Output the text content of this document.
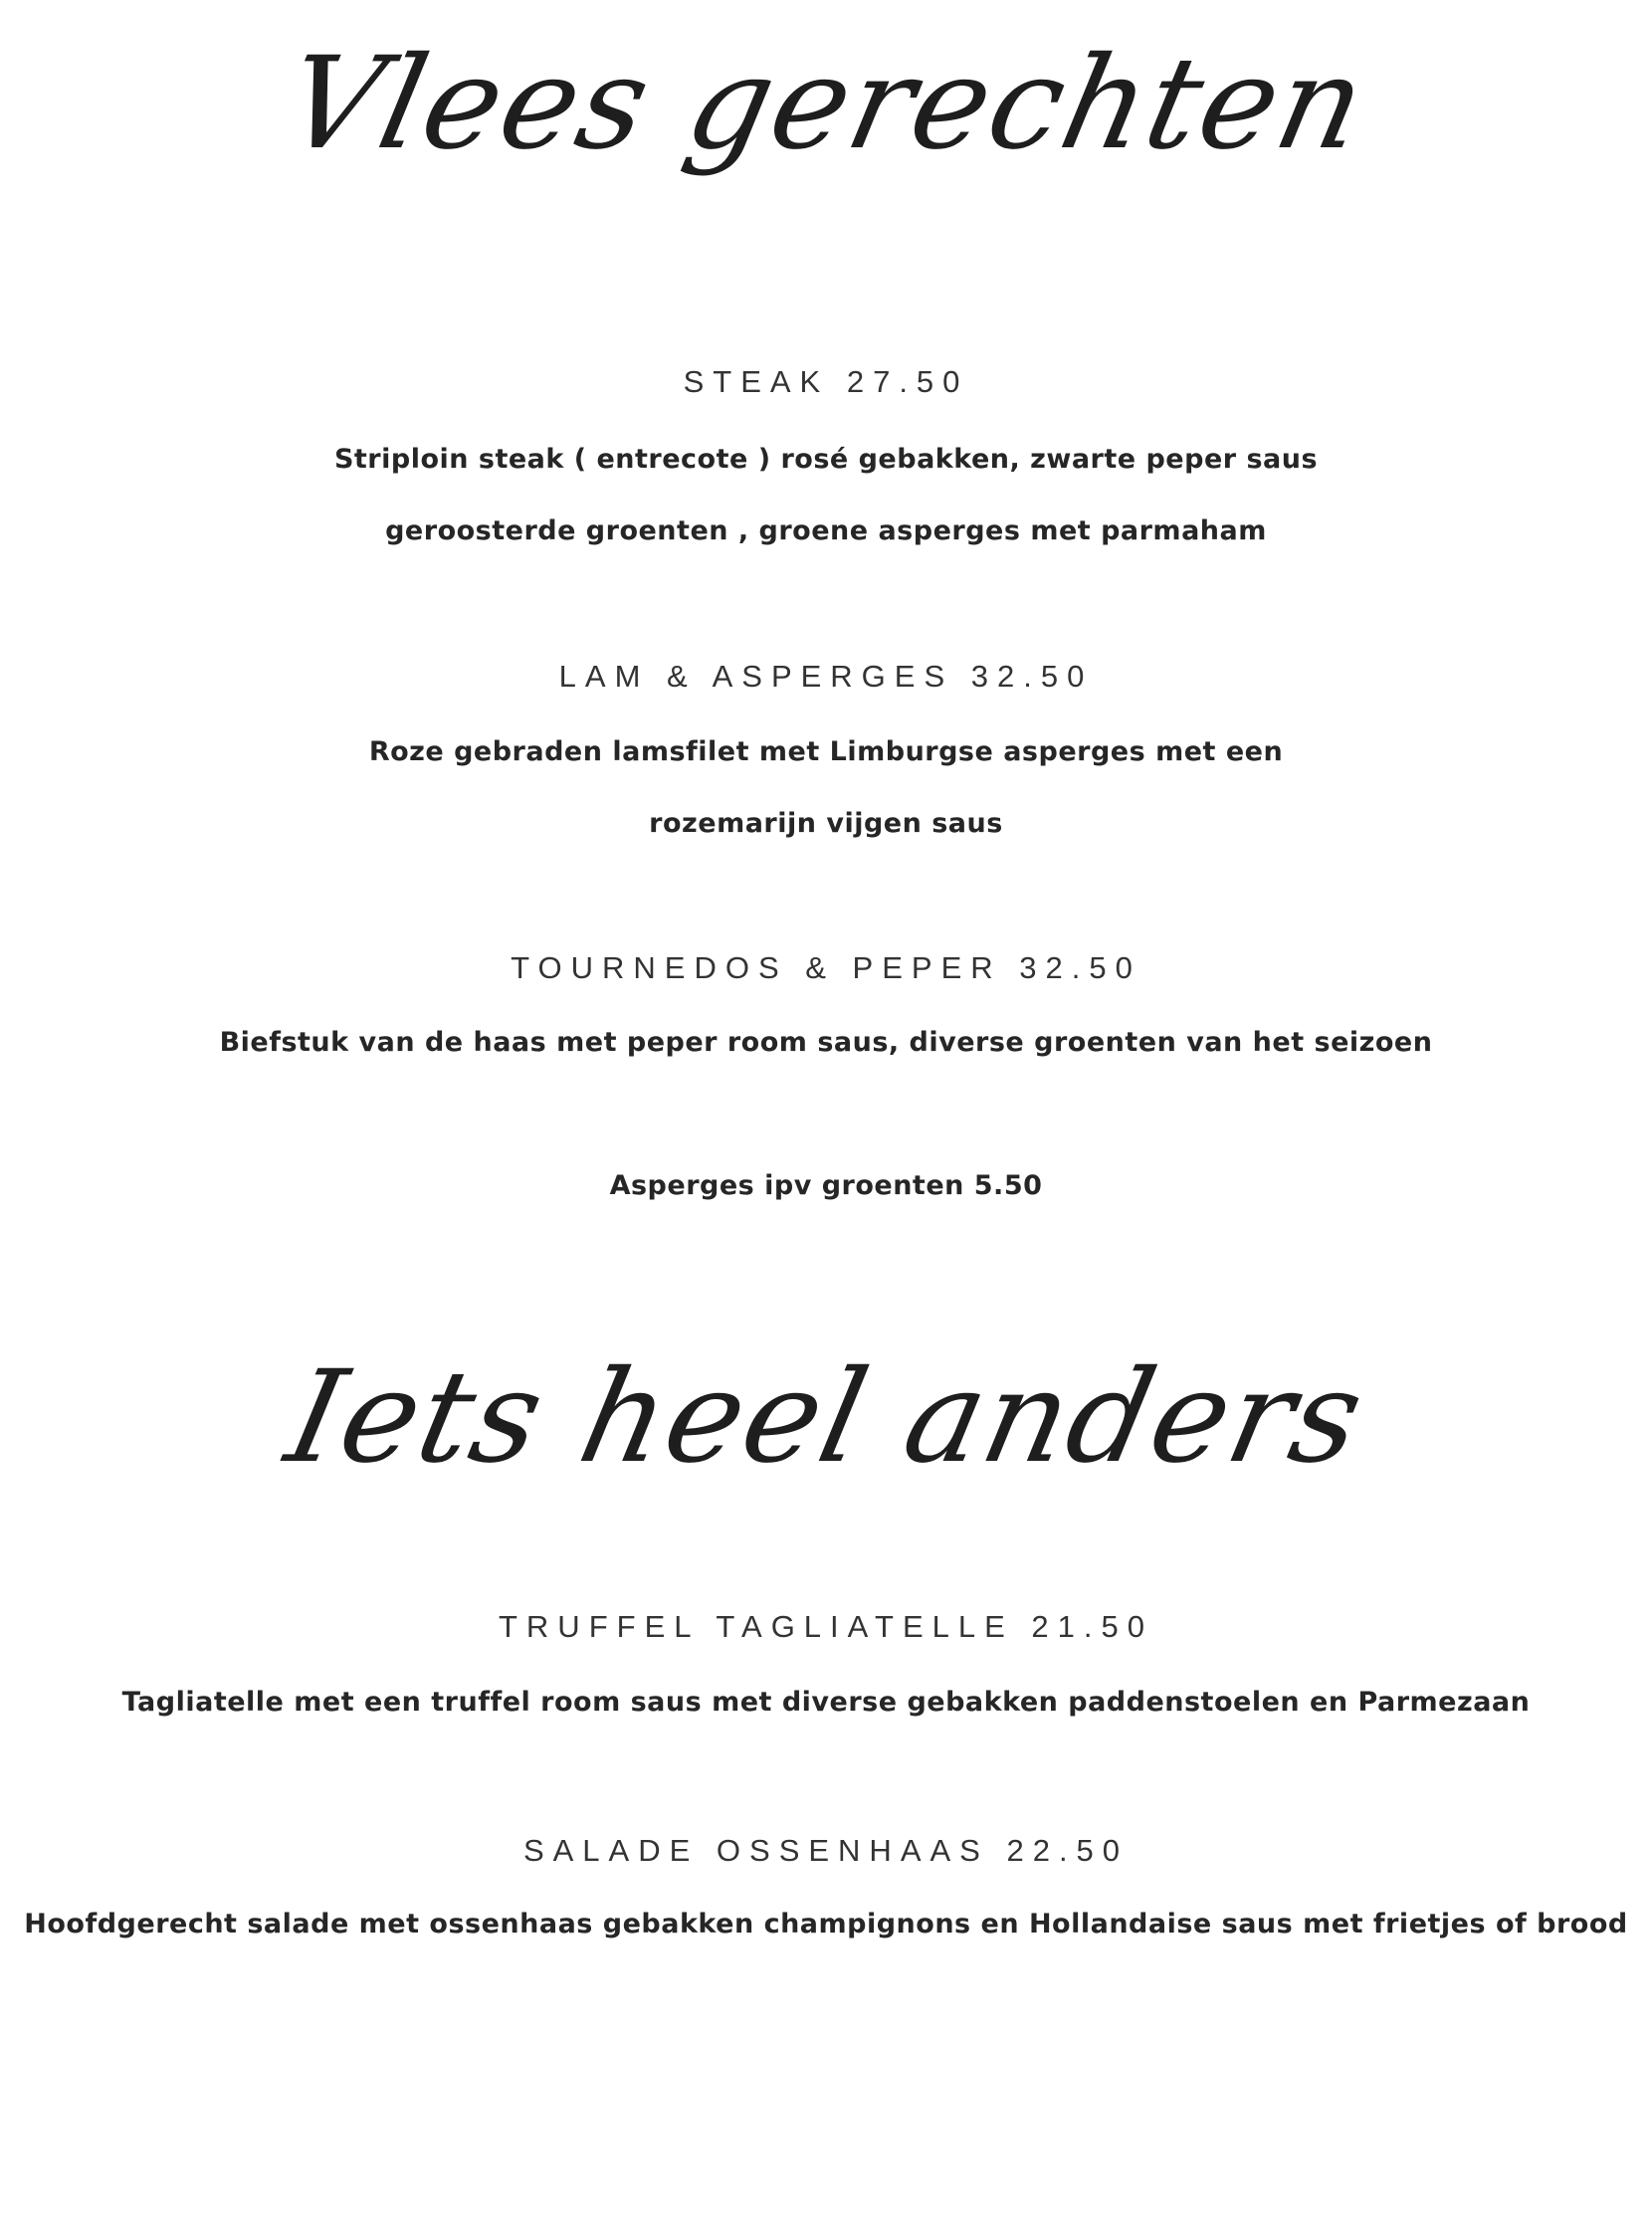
Vlees gerechten
STEAK 27.50
Striploin steak ( entrecote ) rosé gebakken, zwarte peper saus
geroosterde groenten , groene asperges met parmaham
LAM & ASPERGES 32.50
Roze gebraden lamsfilet met Limburgse asperges met een
rozemarijn vijgen saus
TOURNEDOS & PEPER 32.50
Biefstuk van de haas met peper room saus, diverse groenten van het seizoen
Asperges ipv groenten 5.50
Iets heel anders
TRUFFEL TAGLIATELLE 21.50
Tagliatelle met een truffel room saus met diverse gebakken paddenstoelen en Parmezaan
SALADE OSSENHAAS 22.50
Hoofdgerecht salade met ossenhaas gebakken champignons en Hollandaise saus met frietjes of brood
